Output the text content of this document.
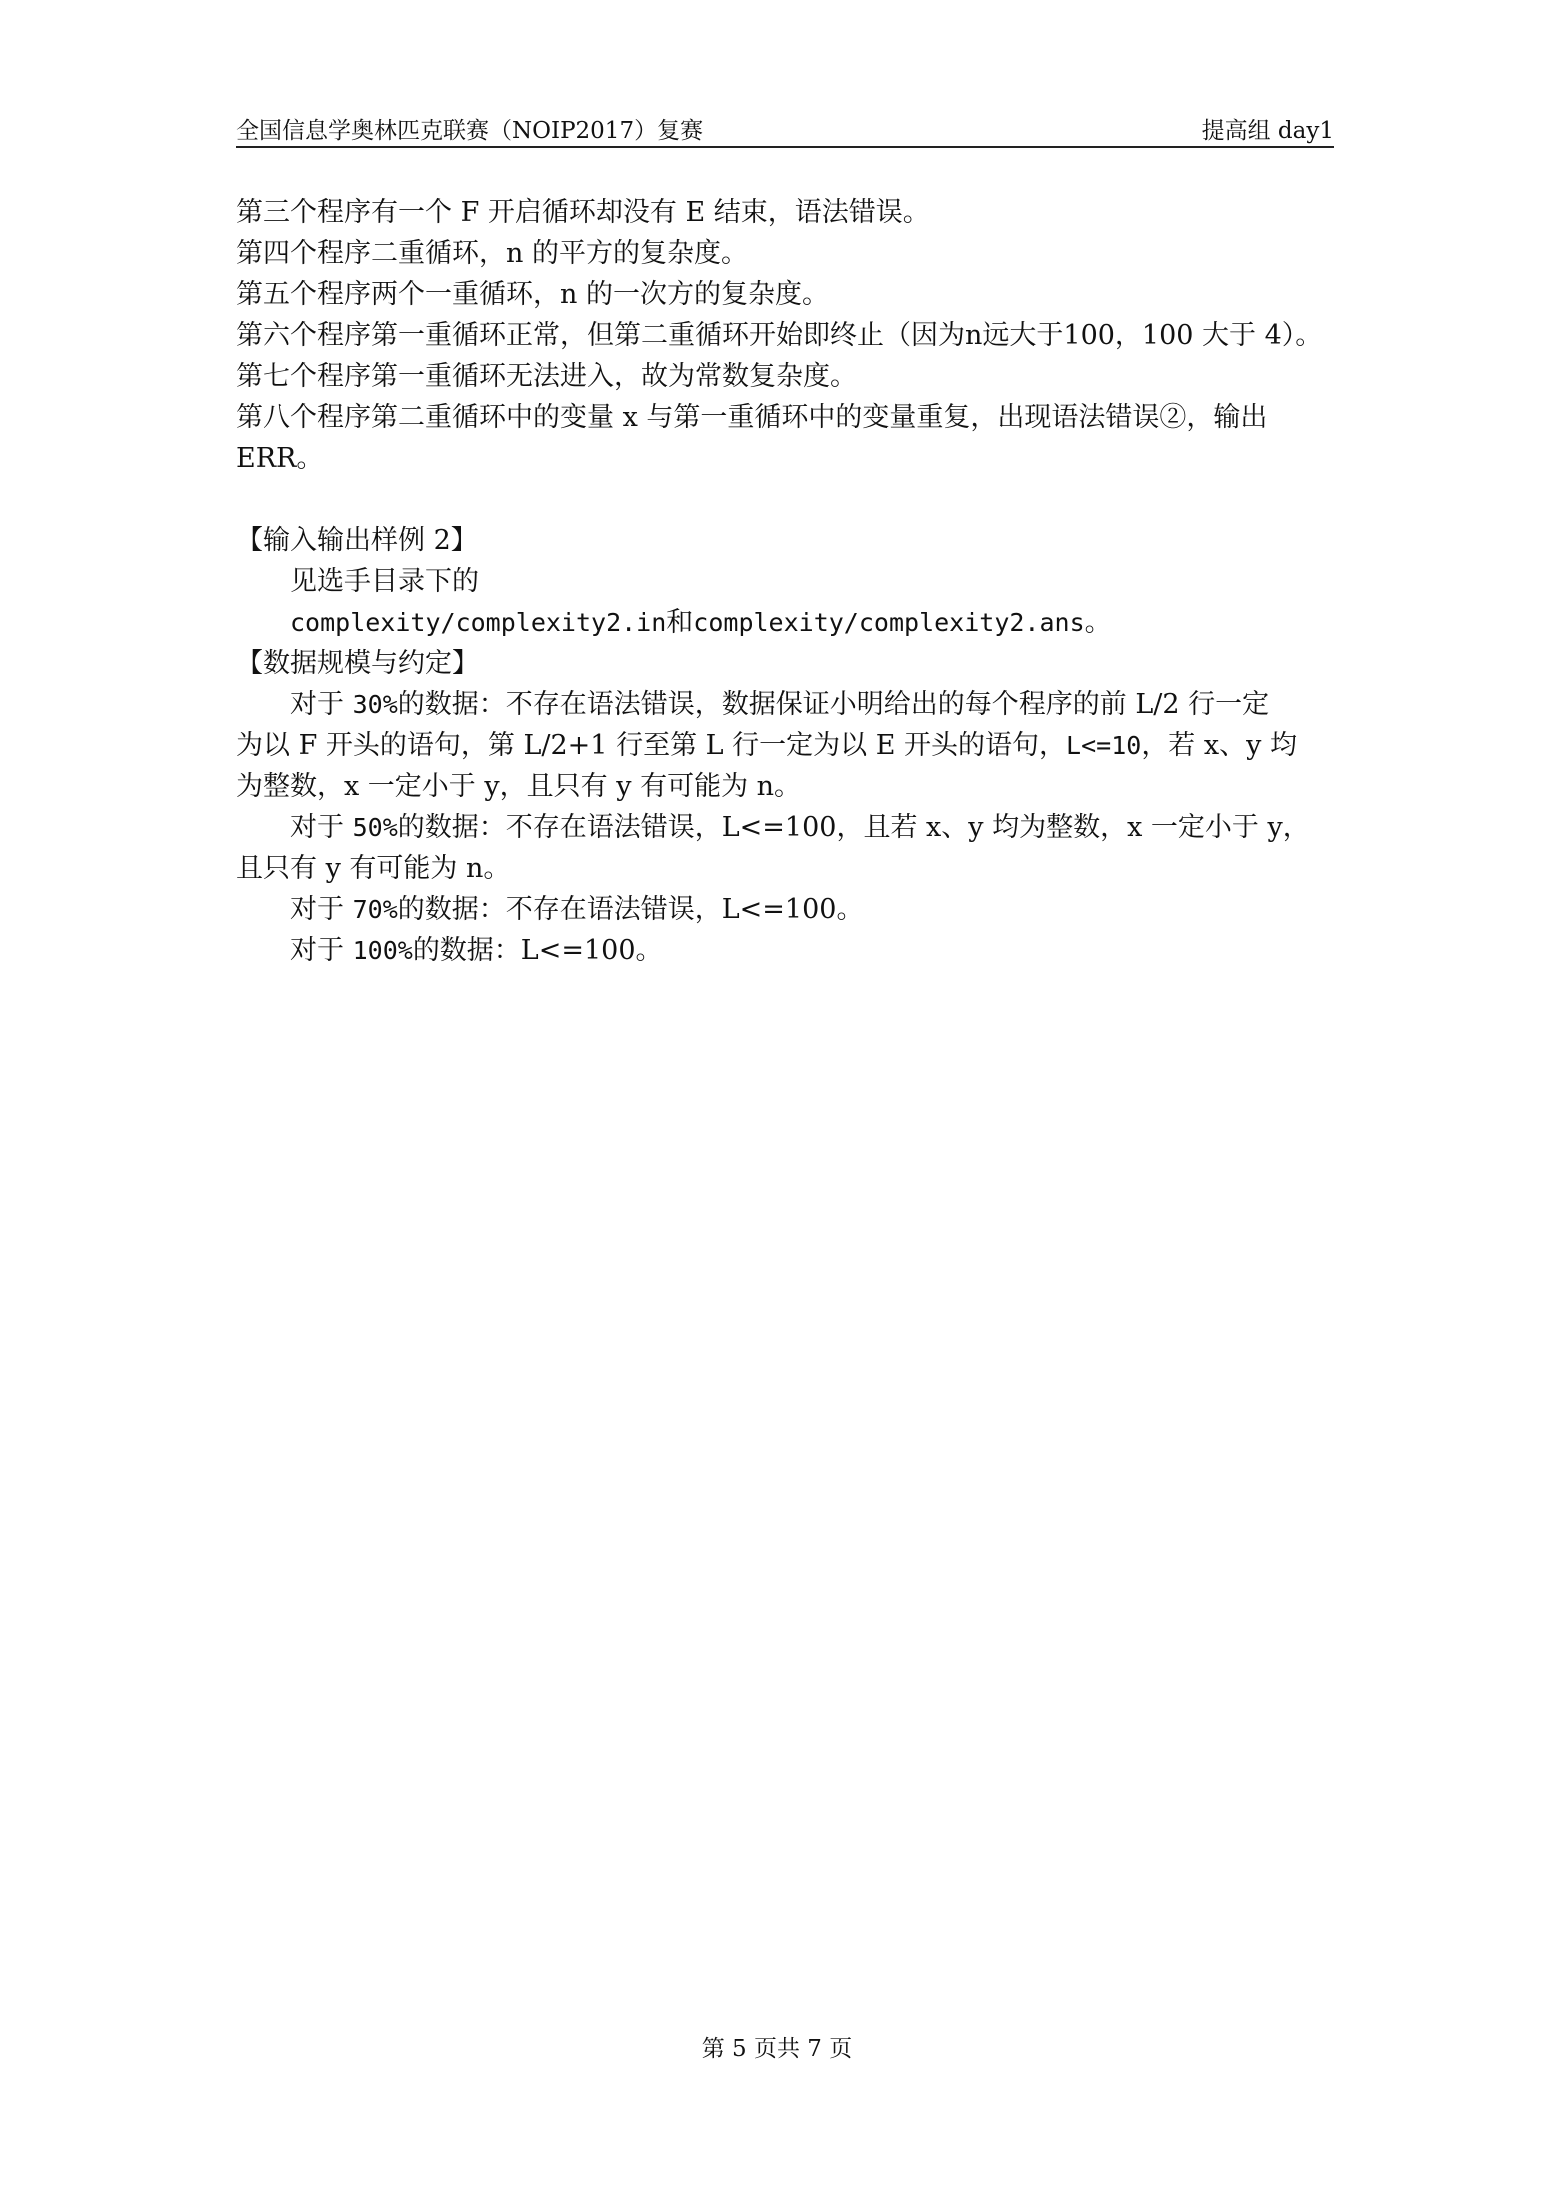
全国信息学奥林匹克联赛（NOIP2017）复赛	提高组 day1
第三个程序有一个 F 开启循环却没有 E 结束，语法错误。
第四个程序二重循环，n 的平方的复杂度。
第五个程序两个一重循环，n 的一次方的复杂度。
第六个程序第一重循环正常，但第二重循环开始即终止（因为n远大于100，100 大于 4）。
第七个程序第一重循环无法进入，故为常数复杂度。
第八个程序第二重循环中的变量 x 与第一重循环中的变量重复，出现语法错误②，输出
ERR。
【输入输出样例 2】
见选手目录下的
complexity/complexity2.in和complexity/complexity2.ans。
【数据规模与约定】
对于 30%的数据：不存在语法错误，数据保证小明给出的每个程序的前 L/2 行一定
为以 F 开头的语句，第 L/2+1 行至第 L 行一定为以 E 开头的语句，L<=10，若 x、y 均
为整数，x 一定小于 y，且只有 y 有可能为 n。
对于 50%的数据：不存在语法错误，L<=100，且若 x、y 均为整数，x 一定小于 y，
且只有 y 有可能为 n。
对于 70%的数据：不存在语法错误，L<=100。
对于 100%的数据：L<=100。
第 5 页共 7 页
